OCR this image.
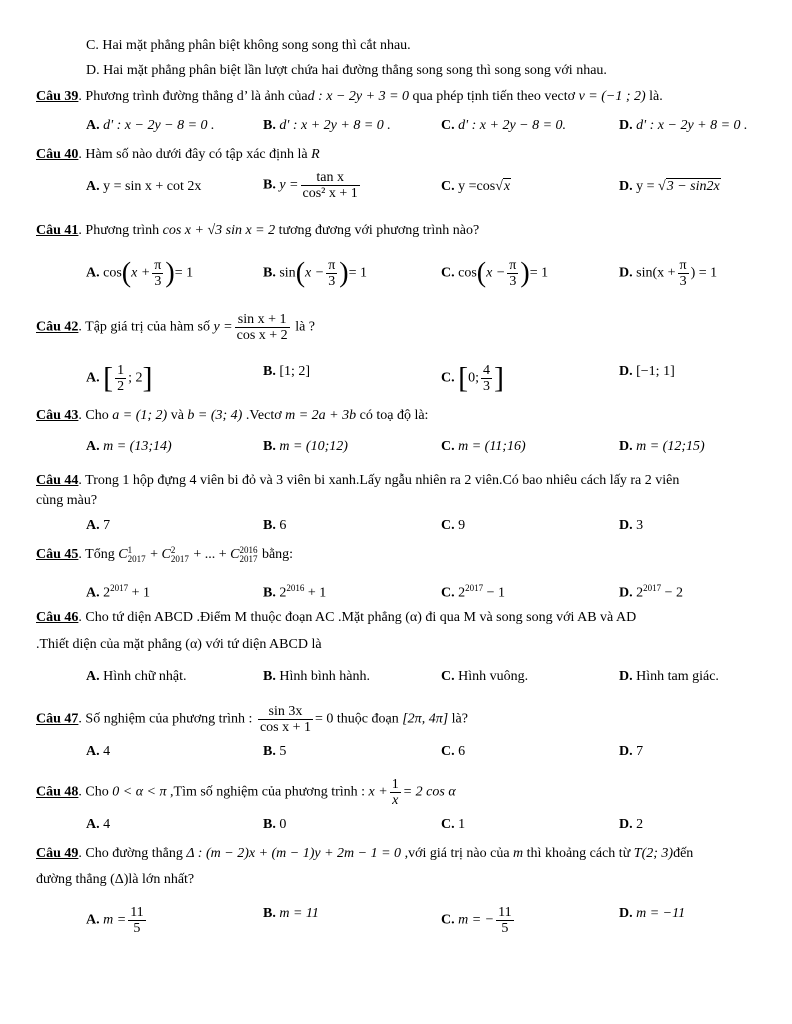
C. Hai mặt phẳng phân biệt không song song thì cắt nhau.
D. Hai mặt phẳng phân biệt lần lượt chứa hai đường thẳng song song thì song song với nhau.
Câu 39. Phương trình đường thẳng d’ là ảnh củad : x − 2y + 3 = 0 qua phép tịnh tiến theo vectơ v = (−1 ; 2) là.
A. d' : x − 2y − 8 = 0 .	B. d' : x + 2y + 8 = 0 .	C. d' : x + 2y − 8 = 0.	D. d' : x − 2y + 8 = 0 .
Câu 40. Hàm số nào dưới đây có tập xác định là R
A. y = sin x + cot 2x	B. $y = \frac{\text{tan x}}{\text{cos² x + 1}}$	C. y =cos√x	D. y = √3 − sin2x
Câu 41. Phương trình cos x + √3 sin x = 2 tương đương với phương trình nào?
A. $\cos(x + \frac{\pi}{3}$ )= 1	B. $\sin(x - \frac{\pi}{3}$ )= 1	C. $\cos(x - \frac{\pi}{3}$ )= 1	D. $\sin(x + \frac{\pi}{3}$ ) = 1
Câu 42. Tập giá trị của hàm số $y = \frac{\text{sin x + 1}}{\text{cos x + 2}}$ là ?
A. [ $\frac{1}{2}$ ; 2]	B. [1; 2]	C. [0; $\frac{4}{3}$ ]	D. [−1; 1]
Câu 43. Cho a = (1; 2) và b = (3; 4) .Vectơ m = 2a + 3b có toạ độ là:
A. m = (13;14)	B. m = (10;12)	C. m = (11;16)	D. m = (12;15)
Câu 44. Trong 1 hộp đựng 4 viên bi đỏ và 3 viên bi xanh.Lấy ngẫu nhiên ra 2 viên.Có bao nhiêu cách lấy ra 2 viên
cùng màu?
A. 7	B. 6	C. 9	D. 3
Câu 45. Tổng C 1
2017 + C 2
2017 + ... + C 2016
2017 bằng:
A. $2^{2017} + 1$	B. $2^{2016} + 1$	C. $2^{2017} - 1$	D. $2^{2017} - 2$
Câu 46. Cho tứ diện ABCD .Điểm M thuộc đoạn AC .Mặt phẳng (α) đi qua M và song song với AB và AD
.Thiết diện của mặt phẳng (α) với tứ diện ABCD là
A. Hình chữ nhật.	B. Hình bình hành.	C. Hình vuông.	D. Hình tam giác.
Câu 47. Số nghiệm của phương trình : $\frac{\sin 3x}{\text{cos x + 1}} = 0$ thuộc đoạn [2π, 4π] là?
A. 4	B. 5	C. 6	D. 7
Câu 48. Cho 0 < α < π ,Tìm số nghiệm của phương trình : $x + \frac{1}{x} = 2$ cos α
A. 4	B. 0	C. 1	D. 2
Câu 49. Cho đường thẳng Δ : (m − 2)x + (m − 1)y + 2m − 1 = 0 ,với giá trị nào của m thì khoảng cách từ T(2; 3)đến
đường thẳng (Δ)là lớn nhất?
A. $m = \frac{11}{5}$	B. m = 11	C. m = − $\frac{11}{5}$	D. m = −11
